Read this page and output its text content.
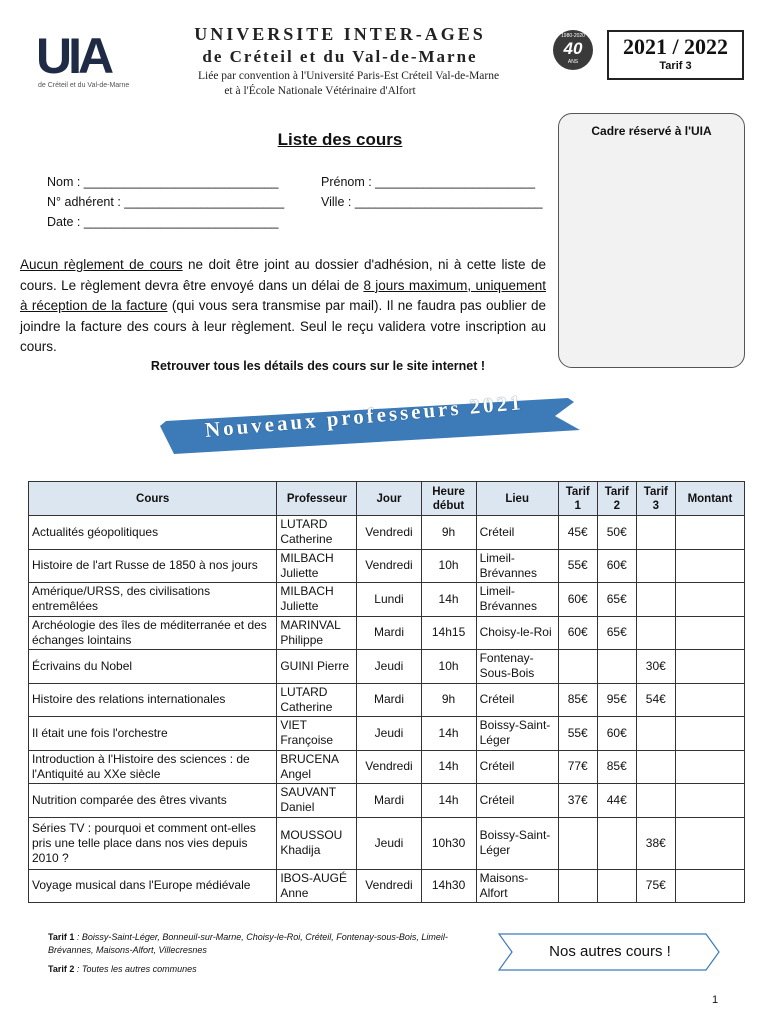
UIA
de Créteil et du Val-de-Marne
UNIVERSITE INTER-AGES
de Créteil et du Val-de-Marne
Liée par convention à l'Université Paris-Est Créteil Val-de-Marne
et à l'École Nationale Vétérinaire d'Alfort
1980-2020
40
ANS
2021 / 2022
Tarif 3
Cadre réservé à l'UIA
Liste des cours
Nom : ____________________________	Prénom : _______________________
N° adhérent : _______________________	Ville : ___________________________
Date : ____________________________
Aucun règlement de cours ne doit être joint au dossier d'adhésion, ni à cette liste de cours. Le règlement devra être envoyé dans un délai de 8 jours maximum, uniquement à réception de la facture (qui vous sera transmise par mail). Il ne faudra pas oublier de joindre la facture des cours à leur règlement. Seul le reçu validera votre inscription au cours.
Retrouver tous les détails des cours sur le site internet !
Nouveaux professeurs 2021
Cours	Professeur	Jour	Heure début	Lieu	Tarif 1	Tarif 2	Tarif 3	Montant
Actualités géopolitiques	LUTARD Catherine	Vendredi	9h	Créteil	45€	50€		
Histoire de l'art Russe de 1850 à nos jours	MILBACH Juliette	Vendredi	10h	Limeil-Brévannes	55€	60€		
Amérique/URSS, des civilisations entremêlées	MILBACH Juliette	Lundi	14h	Limeil-Brévannes	60€	65€		
Archéologie des îles de méditerranée et des échanges lointains	MARINVAL Philippe	Mardi	14h15	Choisy-le-Roi	60€	65€		
Écrivains du Nobel	GUINI Pierre	Jeudi	10h	Fontenay-Sous-Bois			30€	
Histoire des relations internationales	LUTARD Catherine	Mardi	9h	Créteil	85€	95€	54€	
Il était une fois l'orchestre	VIET Françoise	Jeudi	14h	Boissy-Saint-Léger	55€	60€		
Introduction à l'Histoire des sciences : de l'Antiquité au XXe siècle	BRUCENA Angel	Vendredi	14h	Créteil	77€	85€		
Nutrition comparée des êtres vivants	SAUVANT Daniel	Mardi	14h	Créteil	37€	44€		
Séries TV : pourquoi et comment ont-elles pris une telle place dans nos vies depuis 2010 ?	MOUSSOU Khadija	Jeudi	10h30	Boissy-Saint-Léger			38€	
Voyage musical dans l'Europe médiévale	IBOS-AUGÉ Anne	Vendredi	14h30	Maisons-Alfort			75€	
Tarif 1 : Boissy-Saint-Léger, Bonneuil-sur-Marne, Choisy-le-Roi, Créteil, Fontenay-sous-Bois, Limeil-Brévannes, Maisons-Alfort, Villecresnes
Tarif 2 : Toutes les autres communes
Nos autres cours !
1
